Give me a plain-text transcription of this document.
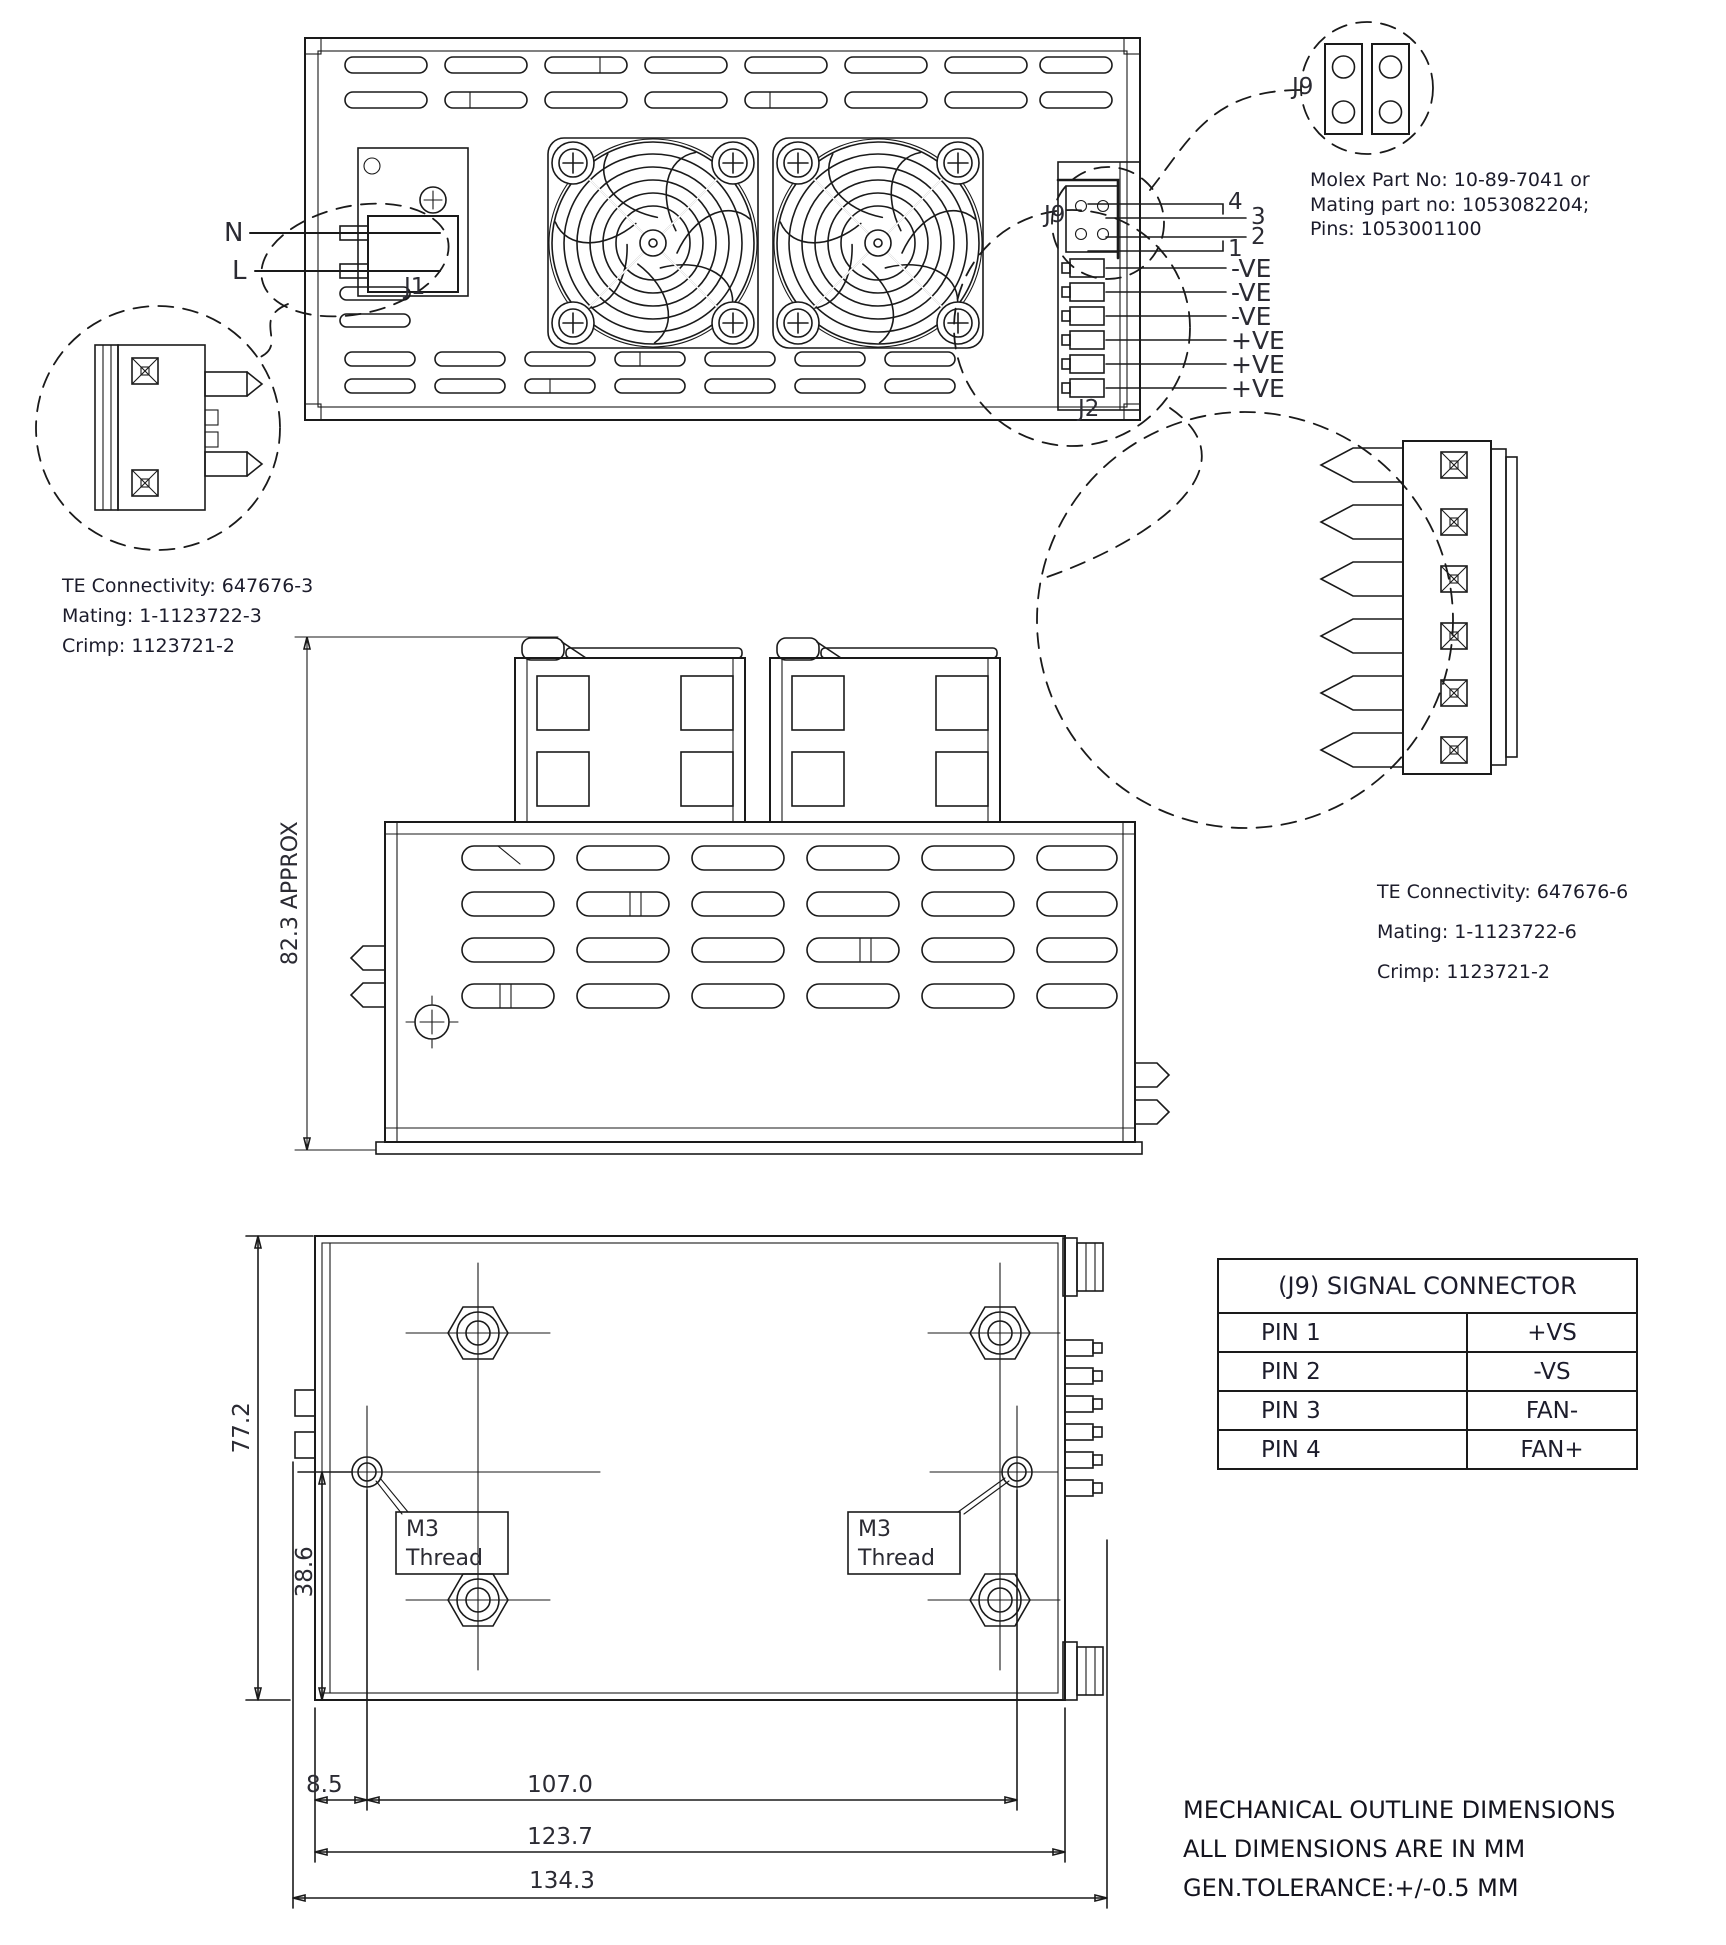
N
L
J1
J9
J2
4
3
2
1
-VE
-VE
-VE
+VE
+VE
+VE
J9
Molex Part No: 10-89-7041 or
Mating part no: 1053082204;
Pins: 1053001100
TE Connectivity: 647676-3
Mating: 1-1123722-3
Crimp: 1123721-2
TE Connectivity: 647676-6
Mating: 1-1123722-6
Crimp: 1123721-2
82.3 APPROX
77.2
38.6
8.5	107.0
123.7
134.3
M3
Thread
M3
Thread
(J9) SIGNAL CONNECTOR	
PIN 1	+VS
PIN 2	-VS
PIN 3	FAN-
PIN 4	FAN+
MECHANICAL OUTLINE DIMENSIONS
ALL DIMENSIONS ARE IN MM
GEN.TOLERANCE:+/-0.5 MM
